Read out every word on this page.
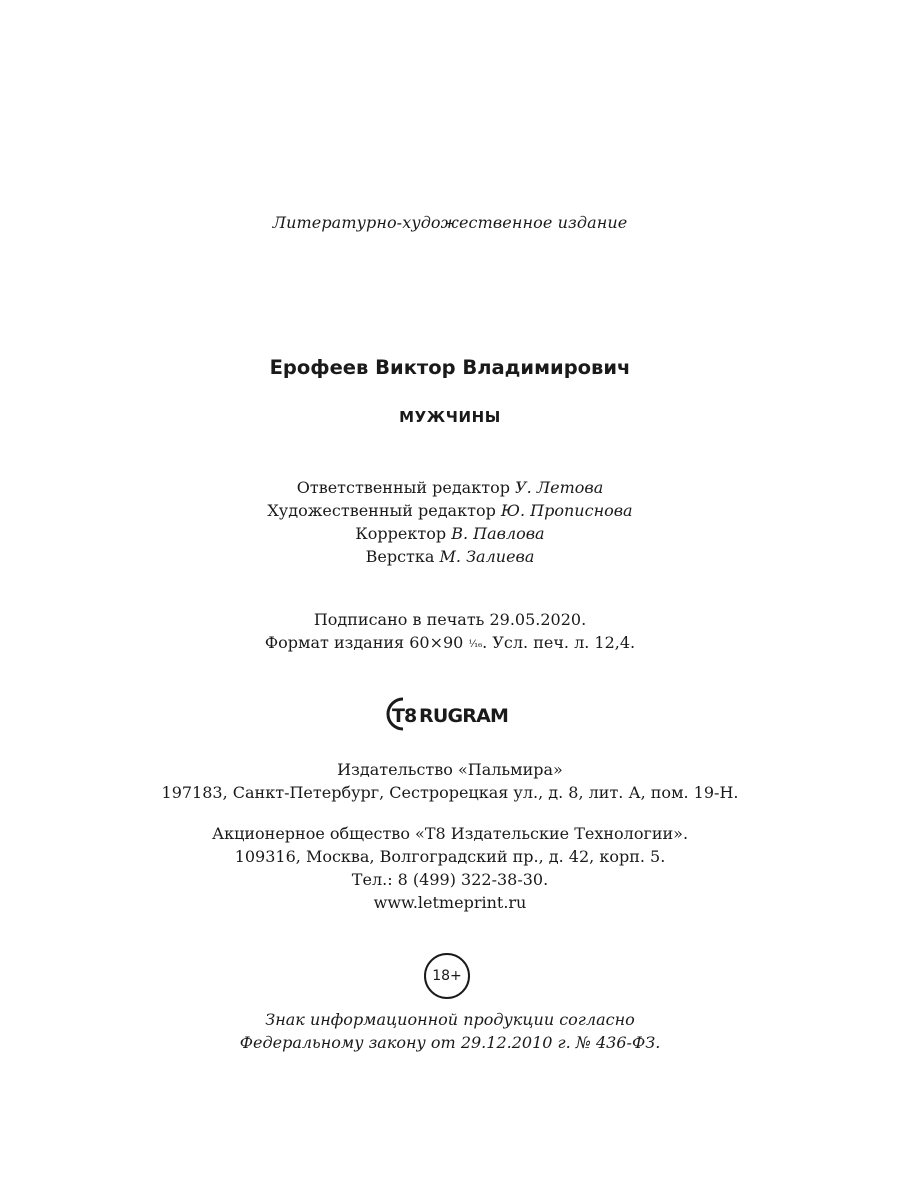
Литературно-художественное издание
Ерофеев Виктор Владимирович
МУЖЧИНЫ
Ответственный редактор У. Летова
Художественный редактор Ю. Прописнова
Корректор В. Павлова
Верстка М. Залиева
Подписано в печать 29.05.2020.
Формат издания 60×90 ¹⁄₁₆. Усл. печ. л. 12,4.
T8 RUGRAM
Издательство «Пальмира»
197183, Санкт-Петербург, Сестрорецкая ул., д. 8, лит. А, пом. 19-Н.
Акционерное общество «Т8 Издательские Технологии».
109316, Москва, Волгоградский пр., д. 42, корп. 5.
Тел.: 8 (499) 322-38-30.
www.letmeprint.ru
18+
Знак информационной продукции согласно
Федеральному закону от 29.12.2010 г. № 436-ФЗ.
